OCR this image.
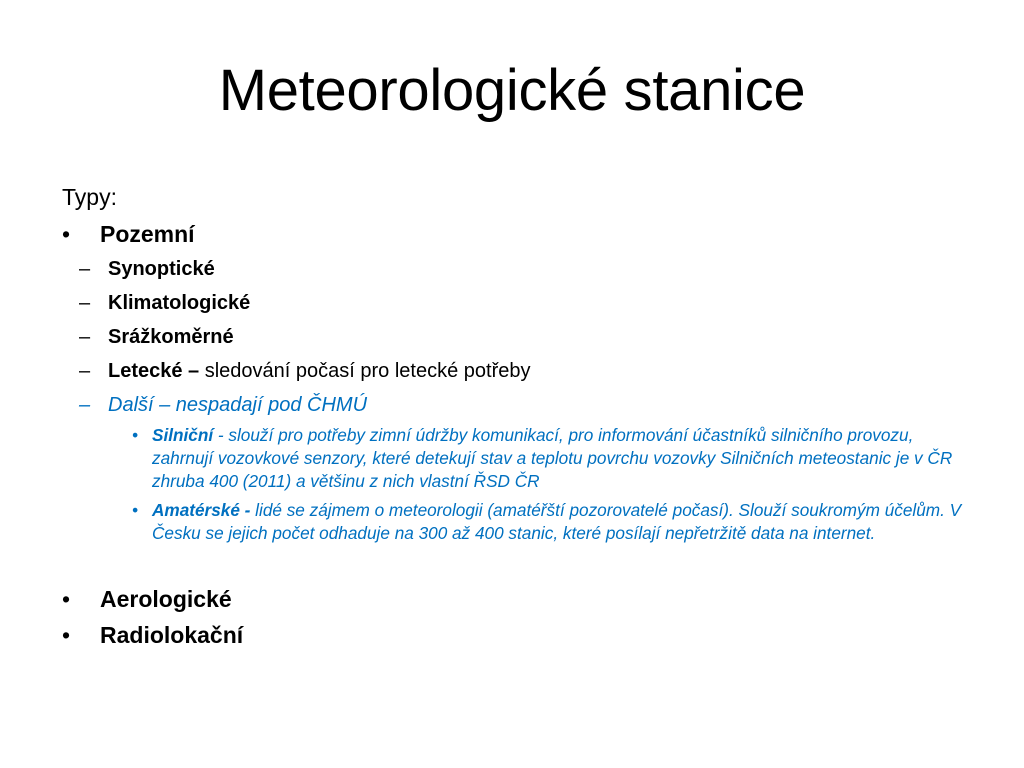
Meteorologické stanice

Typy:

•	Pozemní
– Synoptické
– Klimatologické
– Srážkoměrné
– Letecké – sledování počasí pro letecké potřeby
– Další – nespadají pod ČHMÚ
• Silniční - slouží pro potřeby zimní údržby komunikací, pro informování účastníků silničního provozu, zahrnují vozovkové senzory, které detekují stav a teplotu povrchu vozovky Silničních meteostanic je v ČR zhruba 400 (2011) a většinu z nich vlastní ŘSD ČR
• Amatérské - lidé se zájmem o meteorologii (amatéřští pozorovatelé počasí). Slouží soukromým účelům. V Česku se jejich počet odhaduje na 300 až 400 stanic, které posílají nepřetržitě data na internet.
•	Aerologické
•	Radiolokační
